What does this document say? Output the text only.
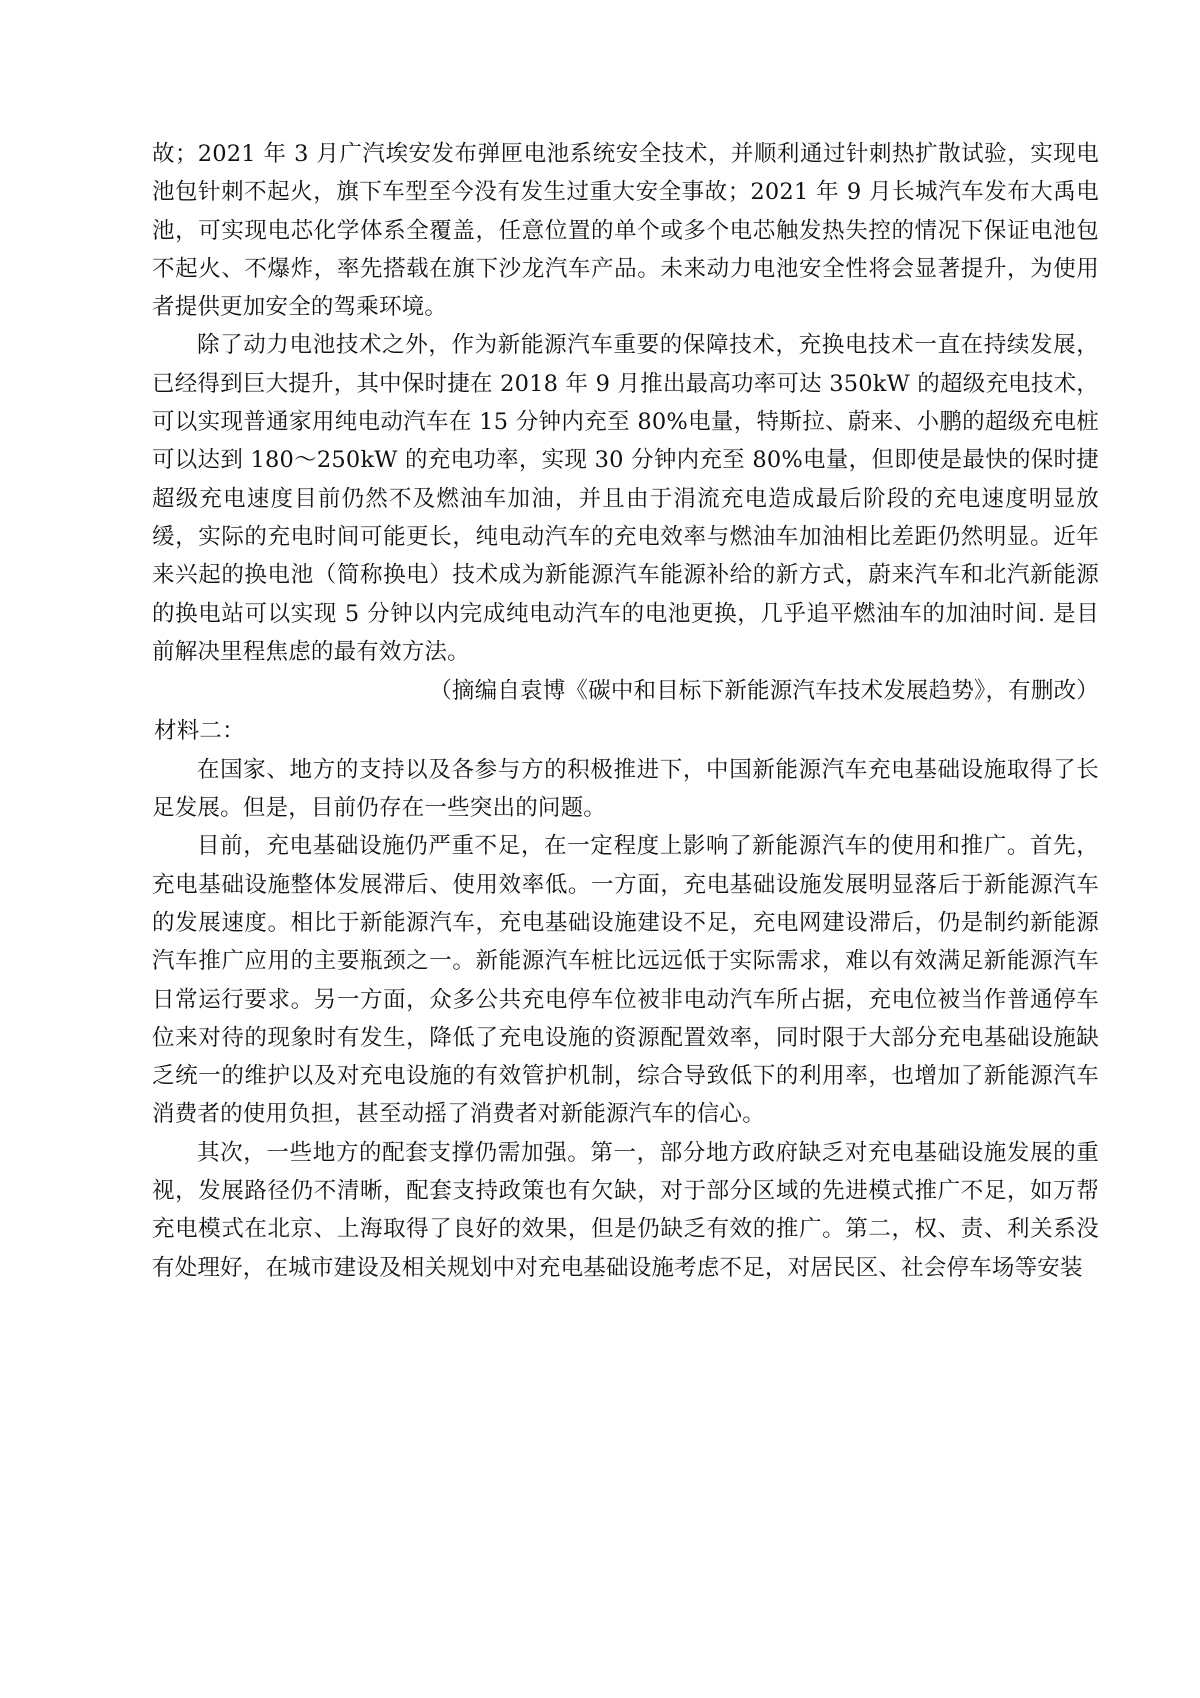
故；2021 年 3 月广汽埃安发布弹匣电池系统安全技术，并顺利通过针刺热扩散试验，实现电池包针刺不起火，旗下车型至今没有发生过重大安全事故；2021 年 9 月长城汽车发布大禹电池，可实现电芯化学体系全覆盖，任意位置的单个或多个电芯触发热失控的情况下保证电池包不起火、不爆炸，率先搭载在旗下沙龙汽车产品。未来动力电池安全性将会显著提升，为使用者提供更加安全的驾乘环境。

除了动力电池技术之外，作为新能源汽车重要的保障技术，充换电技术一直在持续发展，已经得到巨大提升，其中保时捷在 2018 年 9 月推出最高功率可达 350kW 的超级充电技术，可以实现普通家用纯电动汽车在 15 分钟内充至 80%电量，特斯拉、蔚来、小鹏的超级充电桩可以达到 180～250kW 的充电功率，实现 30 分钟内充至 80%电量，但即使是最快的保时捷超级充电速度目前仍然不及燃油车加油，并且由于涓流充电造成最后阶段的充电速度明显放缓，实际的充电时间可能更长，纯电动汽车的充电效率与燃油车加油相比差距仍然明显。近年来兴起的换电池（简称换电）技术成为新能源汽车能源补给的新方式，蔚来汽车和北汽新能源的换电站可以实现 5 分钟以内完成纯电动汽车的电池更换，几乎追平燃油车的加油时间. 是目前解决里程焦虑的最有效方法。

（摘编自袁博《碳中和目标下新能源汽车技术发展趋势》，有删改）

材料二：

在国家、地方的支持以及各参与方的积极推进下，中国新能源汽车充电基础设施取得了长足发展。但是，目前仍存在一些突出的问题。

目前，充电基础设施仍严重不足，在一定程度上影响了新能源汽车的使用和推广。首先，充电基础设施整体发展滞后、使用效率低。一方面，充电基础设施发展明显落后于新能源汽车的发展速度。相比于新能源汽车，充电基础设施建设不足，充电网建设滞后，仍是制约新能源汽车推广应用的主要瓶颈之一。新能源汽车桩比远远低于实际需求，难以有效满足新能源汽车日常运行要求。另一方面，众多公共充电停车位被非电动汽车所占据，充电位被当作普通停车位来对待的现象时有发生，降低了充电设施的资源配置效率，同时限于大部分充电基础设施缺乏统一的维护以及对充电设施的有效管护机制，综合导致低下的利用率，也增加了新能源汽车消费者的使用负担，甚至动摇了消费者对新能源汽车的信心。

其次，一些地方的配套支撑仍需加强。第一，部分地方政府缺乏对充电基础设施发展的重视，发展路径仍不清晰，配套支持政策也有欠缺，对于部分区域的先进模式推广不足，如万帮充电模式在北京、上海取得了良好的效果，但是仍缺乏有效的推广。第二，权、责、利关系没有处理好，在城市建设及相关规划中对充电基础设施考虑不足，对居民区、社会停车场等安装
